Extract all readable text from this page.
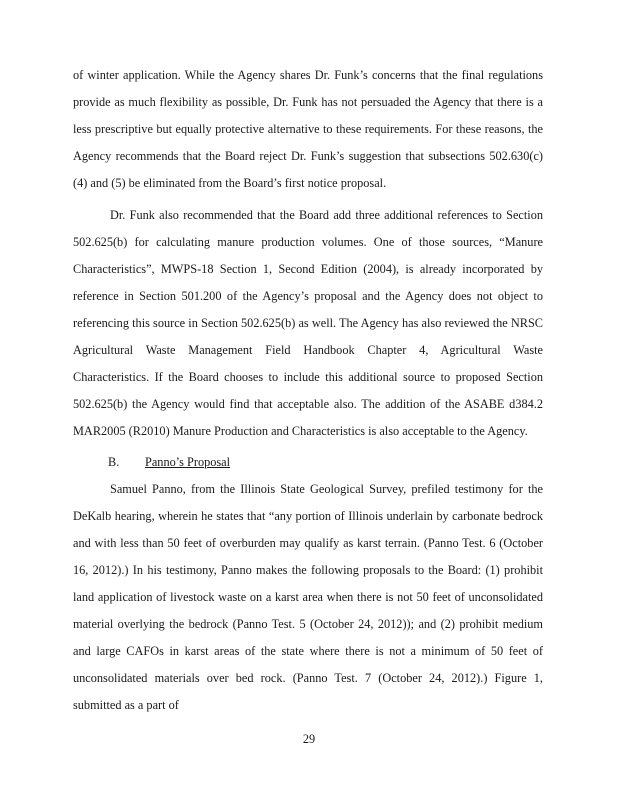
of winter application. While the Agency shares Dr. Funk’s concerns that the final regulations provide as much flexibility as possible, Dr. Funk has not persuaded the Agency that there is a less prescriptive but equally protective alternative to these requirements. For these reasons, the Agency recommends that the Board reject Dr. Funk’s suggestion that subsections 502.630(c)(4) and (5) be eliminated from the Board’s first notice proposal.

Dr. Funk also recommended that the Board add three additional references to Section 502.625(b) for calculating manure production volumes. One of those sources, “Manure Characteristics”, MWPS-18 Section 1, Second Edition (2004), is already incorporated by reference in Section 501.200 of the Agency’s proposal and the Agency does not object to referencing this source in Section 502.625(b) as well. The Agency has also reviewed the NRSC Agricultural Waste Management Field Handbook Chapter 4, Agricultural Waste Characteristics. If the Board chooses to include this additional source to proposed Section 502.625(b) the Agency would find that acceptable also. The addition of the ASABE d384.2 MAR2005 (R2010) Manure Production and Characteristics is also acceptable to the Agency.

B. Panno’s Proposal

Samuel Panno, from the Illinois State Geological Survey, prefiled testimony for the DeKalb hearing, wherein he states that “any portion of Illinois underlain by carbonate bedrock and with less than 50 feet of overburden may qualify as karst terrain. (Panno Test. 6 (October 16, 2012).) In his testimony, Panno makes the following proposals to the Board: (1) prohibit land application of livestock waste on a karst area when there is not 50 feet of unconsolidated material overlying the bedrock (Panno Test. 5 (October 24, 2012)); and (2) prohibit medium and large CAFOs in karst areas of the state where there is not a minimum of 50 feet of unconsolidated materials over bed rock. (Panno Test. 7 (October 24, 2012).) Figure 1, submitted as a part of

29
